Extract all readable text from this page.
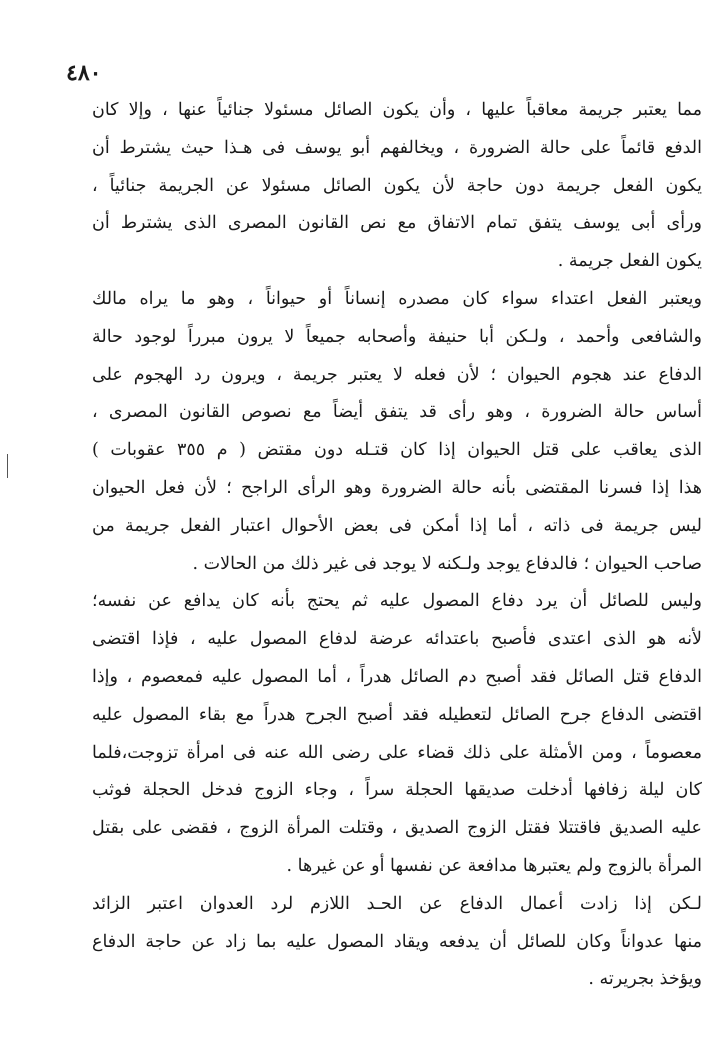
٤٨٠
مما يعتبر جريمة معاقباً عليها ، وأن يكون الصائل مسئولا جنائياً عنها ، وإلا كان
الدفع قائماً على حالة الضرورة ، ويخالفهم أبو يوسف فى هـذا حيث يشترط أن
يكون الفعل جريمة دون حاجة لأن يكون الصائل مسئولا عن الجريمة جنائياً ،
ورأى أبى يوسف يتفق تمام الاتفاق مع نص القانون المصرى الذى يشترط أن
يكون الفعل جريمة .
ويعتبر الفعل اعتداء سواء كان مصدره إنساناً أو حيواناً ، وهو ما يراه مالك
والشافعى وأحمد ، ولـكن أبا حنيفة وأصحابه جميعاً لا يرون مبرراً لوجود حالة
الدفاع عند هجوم الحيوان ؛ لأن فعله لا يعتبر جريمة ، ويرون رد الهجوم على
أساس حالة الضرورة ، وهو رأى قد يتفق أيضاً مع نصوص القانون المصرى ،
الذى يعاقب على قتل الحيوان إذا كان قتـله دون مقتض ( م ٣٥٥ عقوبات )
هذا إذا فسرنا المقتضى بأنه حالة الضرورة وهو الرأى الراجح ؛ لأن فعل الحيوان
ليس جريمة فى ذاته ، أما إذا أمكن فى بعض الأحوال اعتبار الفعل جريمة من
صاحب الحيوان ؛ فالدفاع يوجد ولـكنه لا يوجد فى غير ذلك من الحالات .
وليس للصائل أن يرد دفاع المصول عليه ثم يحتج بأنه كان يدافع عن نفسه؛
لأنه هو الذى اعتدى فأصبح باعتدائه عرضة لدفاع المصول عليه ، فإذا اقتضى
الدفاع قتل الصائل فقد أصبح دم الصائل هدراً ، أما المصول عليه فمعصوم ، وإذا
اقتضى الدفاع جرح الصائل لتعطيله فقد أصبح الجرح هدراً مع بقاء المصول عليه
معصوماً ، ومن الأمثلة على ذلك قضاء على رضى الله عنه فى امرأة تزوجت،فلما
كان ليلة زفافها أدخلت صديقها الحجلة سراً ، وجاء الزوج فدخل الحجلة فوثب
عليه الصديق فاقتتلا فقتل الزوج الصديق ، وقتلت المرأة الزوج ، فقضى على بقتل
المرأة بالزوج ولم يعتبرها مدافعة عن نفسها أو عن غيرها .
لـكن إذا زادت أعمال الدفاع عن الحـد اللازم لرد العدوان اعتبر الزائد
منها عدواناً وكان للصائل أن يدفعه ويقاد المصول عليه بما زاد عن حاجة الدفاع
ويؤخذ بجريرته .
